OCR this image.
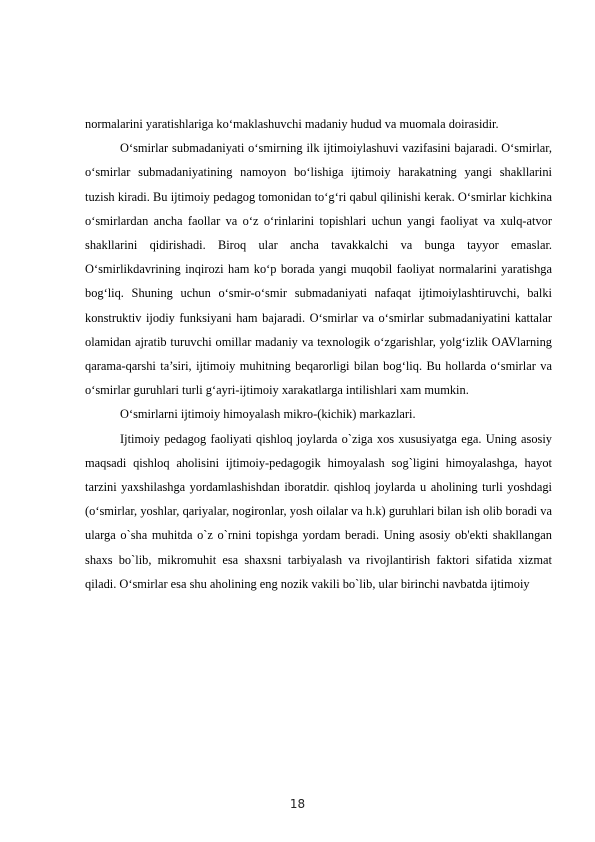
normalarini yaratishlariga ko‘maklashuvchi madaniy hudud va muomala doirasidir.

O‘smirlar submadaniyati o‘smirning ilk ijtimoiylashuvi vazifasini bajaradi. O‘smirlar, o‘smirlar submadaniyatining namoyon bo‘lishiga ijtimoiy harakatning yangi shakllarini tuzish kiradi. Bu ijtimoiy pedagog tomonidan to‘g‘ri qabul qilinishi kerak. O‘smirlar kichkina o‘smirlardan ancha faollar va o‘z o‘rinlarini topishlari uchun yangi faoliyat va xulq-atvor shakllarini qidirishadi. Biroq ular ancha tavakkalchi va bunga tayyor emaslar. O‘smirlikdavrining inqirozi ham ko‘p borada yangi muqobil faoliyat normalarini yaratishga bog‘liq. Shuning uchun o‘smir-o‘smir submadaniyati nafaqat ijtimoiylashtiruvchi, balki konstruktiv ijodiy funksiyani ham bajaradi. O‘smirlar va o‘smirlar submadaniyatini kattalar olamidan ajratib turuvchi omillar madaniy va texnologik o‘zgarishlar, yolg‘izlik OAVlarning qarama-qarshi ta’siri, ijtimoiy muhitning beqarorligi bilan bog‘liq. Bu hollarda o‘smirlar va o‘smirlar guruhlari turli g‘ayri-ijtimoiy xarakatlarga intilishlari xam mumkin.

O‘smirlarni ijtimoiy himoyalash mikro-(kichik) markazlari.

Ijtimoiy pedagog faoliyati qishloq joylarda o`ziga xos xususiyatga ega. Uning asosiy maqsadi qishloq aholisini ijtimoiy-pedagogik himoyalash sog`ligini himoyalashga, hayot tarzini yaxshilashga yordamlashishdan iboratdir. qishloq joylarda u aholining turli yoshdagi (o‘smirlar, yoshlar, qariyalar, nogironlar, yosh oilalar va h.k) guruhlari bilan ish olib boradi va ularga o`sha muhitda o`z o`rnini topishga yordam beradi. Uning asosiy ob'ekti shakllangan shaxs bo`lib, mikromuhit esa shaxsni tarbiyalash va rivojlantirish faktori sifatida xizmat qiladi. O‘smirlar esa shu aholining eng nozik vakili bo`lib, ular birinchi navbatda ijtimoiy

18
